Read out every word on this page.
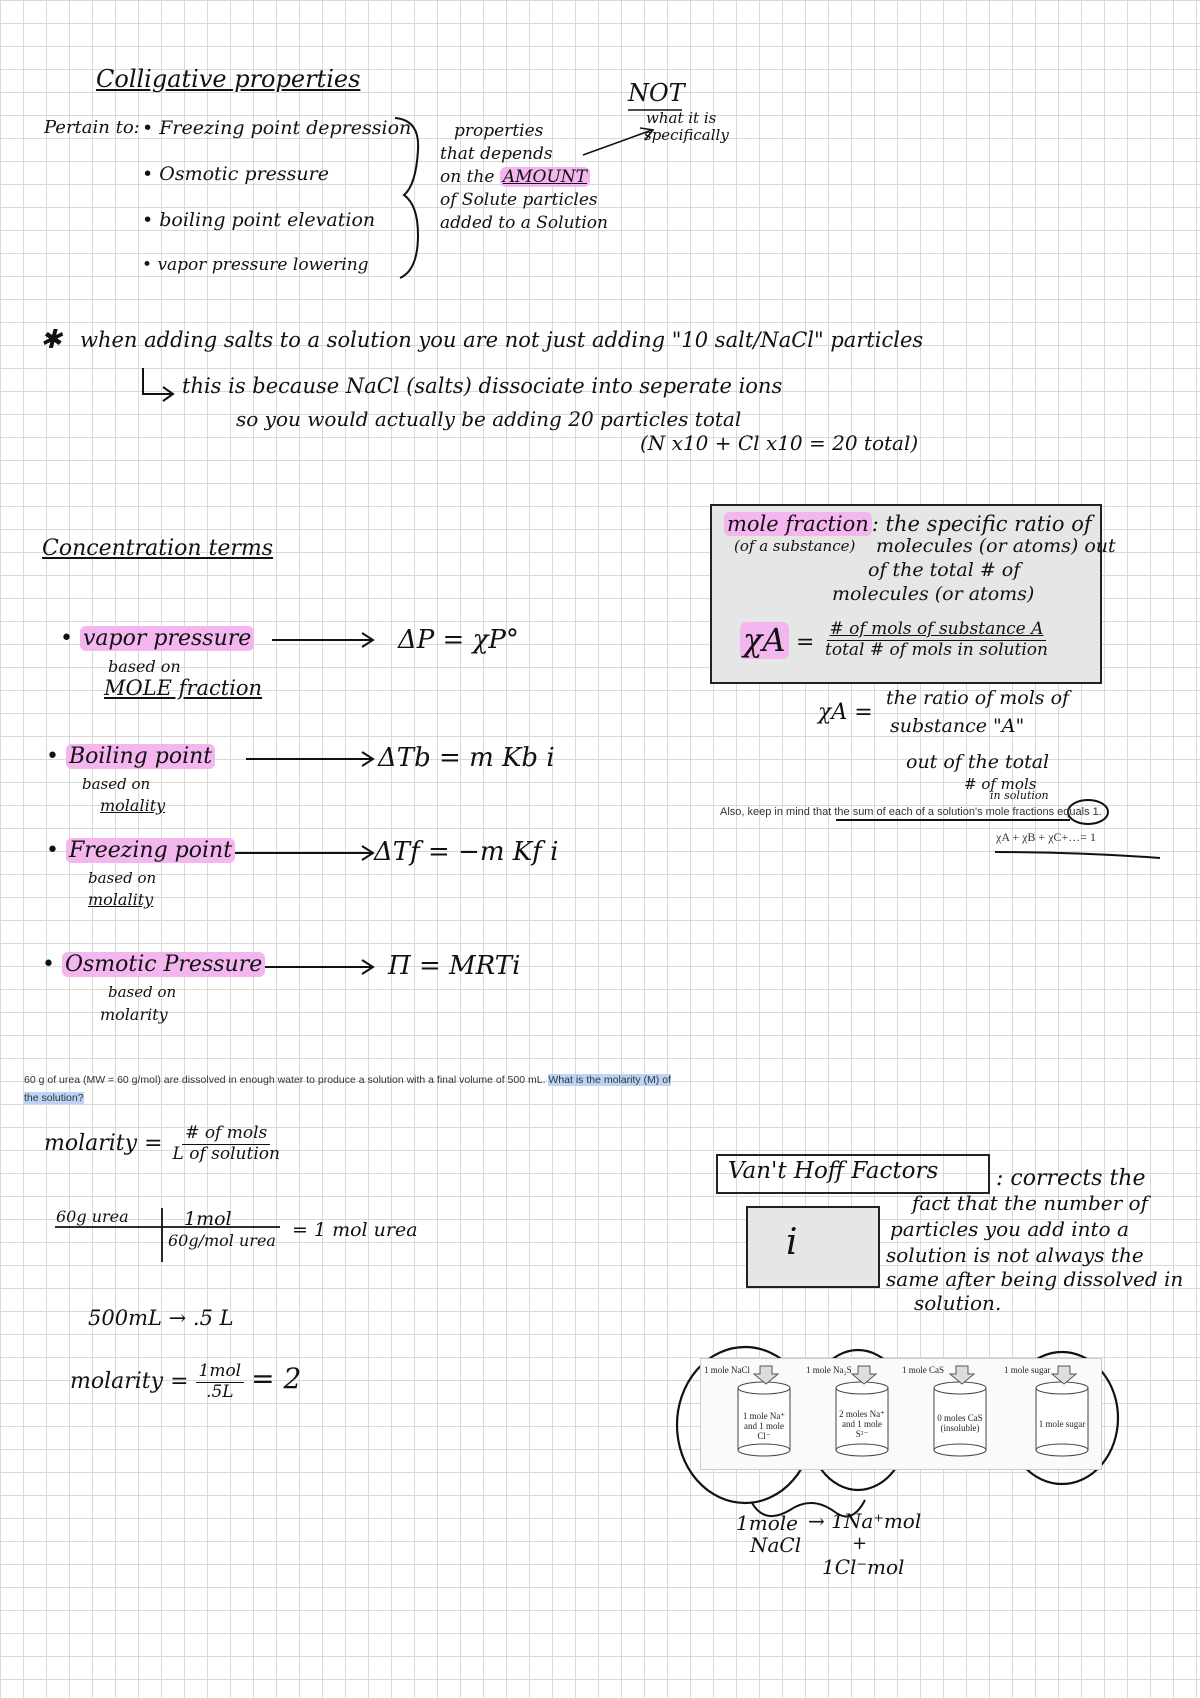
Colligative properties
Pertain to: • Freezing point depression
• Osmotic pressure
• boiling point elevation
• vapor pressure lowering
properties
that depends
on the AMOUNT
of Solute particles
added to a Solution
NOT
what it is
specifically
✱ when adding salts to a solution you are not just adding "10 salt/NaCl" particles
this is because NaCl (salts) dissociate into seperate ions
so you would actually be adding 20 particles total
(N x10 + Cl x10 = 20 total)
Concentration terms
• vapor pressure
based on
MOLE fraction
ΔP = χP°
• Boiling point
based on
molality
ΔTb = m Kb i
• Freezing point
based on
molality
ΔTf = −m Kf i
• Osmotic Pressure
based on
molarity
Π = MRTi
mole fraction : the specific ratio of
(of a substance) molecules (or atoms) out
of the total # of
molecules (or atoms)
$\chi A = \frac{\text{\# of mols of substance A}}{\text{total \# of mols in solution}}$
χA =
the ratio of mols of
substance "A"
out of the total
# of mols
in solution
Also, keep in mind that the sum of each of a solution's mole fractions equals 1.
χA + χB + χC+…= 1
60 g of urea (MW = 60 g/mol) are dissolved in enough water to produce a solution with a final volume of 500 mL. What is the molarity (M) of
the solution?
molarity = $\frac{\text{\# of mols}}{\text{L of solution}}$
60g urea	1mol
60g/mol urea = 1 mol urea
500mL → .5 L
molarity = $\frac{\text{1mol}}{.5L} = 2$
Van't Hoff Factors
i
: corrects the
fact that the number of
particles you add into a
solution is not always the
same after being dissolved in
solution.
1 mole NaCl
1 mole Na⁺ and 1 mole Cl⁻
1 mole Na₂S
2 moles Na⁺ and 1 mole S²⁻
1 mole CaS
0 moles CaS (insoluble)
1 mole sugar
1 mole sugar
1mole
NaCl
→ 1Na⁺mol
+
1Cl⁻mol
